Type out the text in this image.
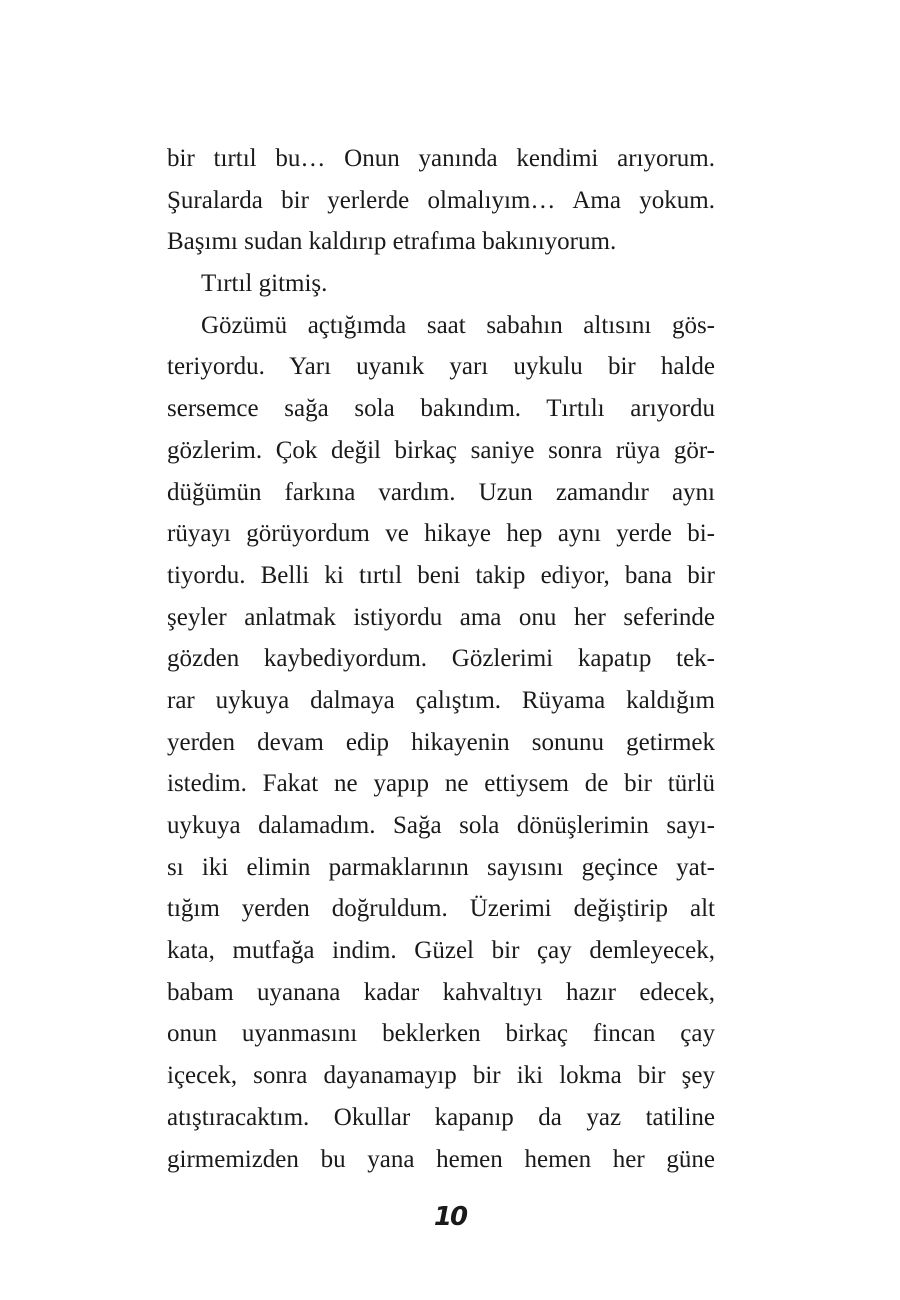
bir tırtıl bu… Onun yanında kendimi arıyorum.
Şuralarda bir yerlerde olmalıyım… Ama yokum.
Başımı sudan kaldırıp etrafıma bakınıyorum.
Tırtıl gitmiş.
Gözümü açtığımda saat sabahın altısını gös-
teriyordu. Yarı uyanık yarı uykulu bir halde
sersemce sağa sola bakındım. Tırtılı arıyordu
gözlerim. Çok değil birkaç saniye sonra rüya gör-
düğümün farkına vardım. Uzun zamandır aynı
rüyayı görüyordum ve hikaye hep aynı yerde bi-
tiyordu. Belli ki tırtıl beni takip ediyor, bana bir
şeyler anlatmak istiyordu ama onu her seferinde
gözden kaybediyordum. Gözlerimi kapatıp tek-
rar uykuya dalmaya çalıştım. Rüyama kaldığım
yerden devam edip hikayenin sonunu getirmek
istedim. Fakat ne yapıp ne ettiysem de bir türlü
uykuya dalamadım. Sağa sola dönüşlerimin sayı-
sı iki elimin parmaklarının sayısını geçince yat-
tığım yerden doğruldum. Üzerimi değiştirip alt
kata, mutfağa indim. Güzel bir çay demleyecek,
babam uyanana kadar kahvaltıyı hazır edecek,
onun uyanmasını beklerken birkaç fincan çay
içecek, sonra dayanamayıp bir iki lokma bir şey
atıştıracaktım. Okullar kapanıp da yaz tatiline
girmemizden bu yana hemen hemen her güne
10
